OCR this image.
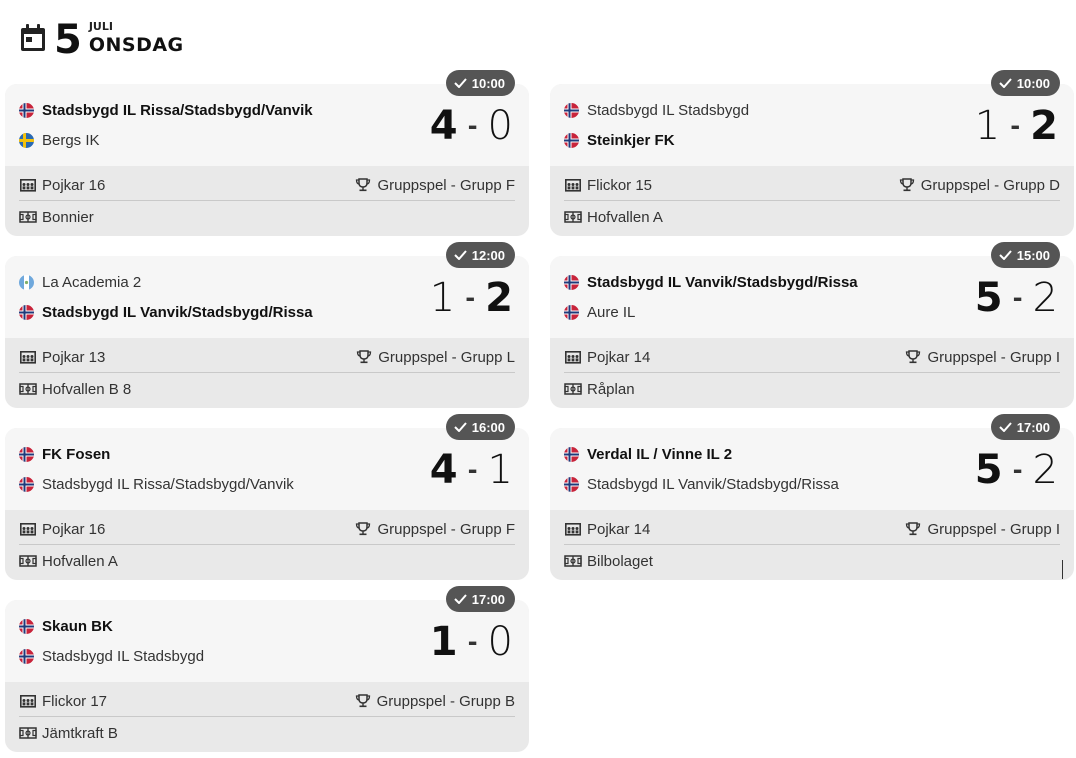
5 JULI
ONSDAG
10:00
Stadsbygd IL Rissa/Stadsbygd/Vanvik
Bergs IK	4 - 0
Pojkar 16	Gruppspel - Grupp F
Bonnier
10:00
Stadsbygd IL Stadsbygd
Steinkjer FK	1 - 2
Flickor 15	Gruppspel - Grupp D
Hofvallen A
12:00
La Academia 2
Stadsbygd IL Vanvik/Stadsbygd/Rissa	1 - 2
Pojkar 13	Gruppspel - Grupp L
Hofvallen B 8
15:00
Stadsbygd IL Vanvik/Stadsbygd/Rissa
Aure IL	5 - 2
Pojkar 14	Gruppspel - Grupp I
Råplan
16:00
FK Fosen
Stadsbygd IL Rissa/Stadsbygd/Vanvik	4 - 1
Pojkar 16	Gruppspel - Grupp F
Hofvallen A
17:00
Verdal IL / Vinne IL 2
Stadsbygd IL Vanvik/Stadsbygd/Rissa	5 - 2
Pojkar 14	Gruppspel - Grupp I
Bilbolaget
17:00
Skaun BK
Stadsbygd IL Stadsbygd	1 - 0
Flickor 17	Gruppspel - Grupp B
Jämtkraft B
